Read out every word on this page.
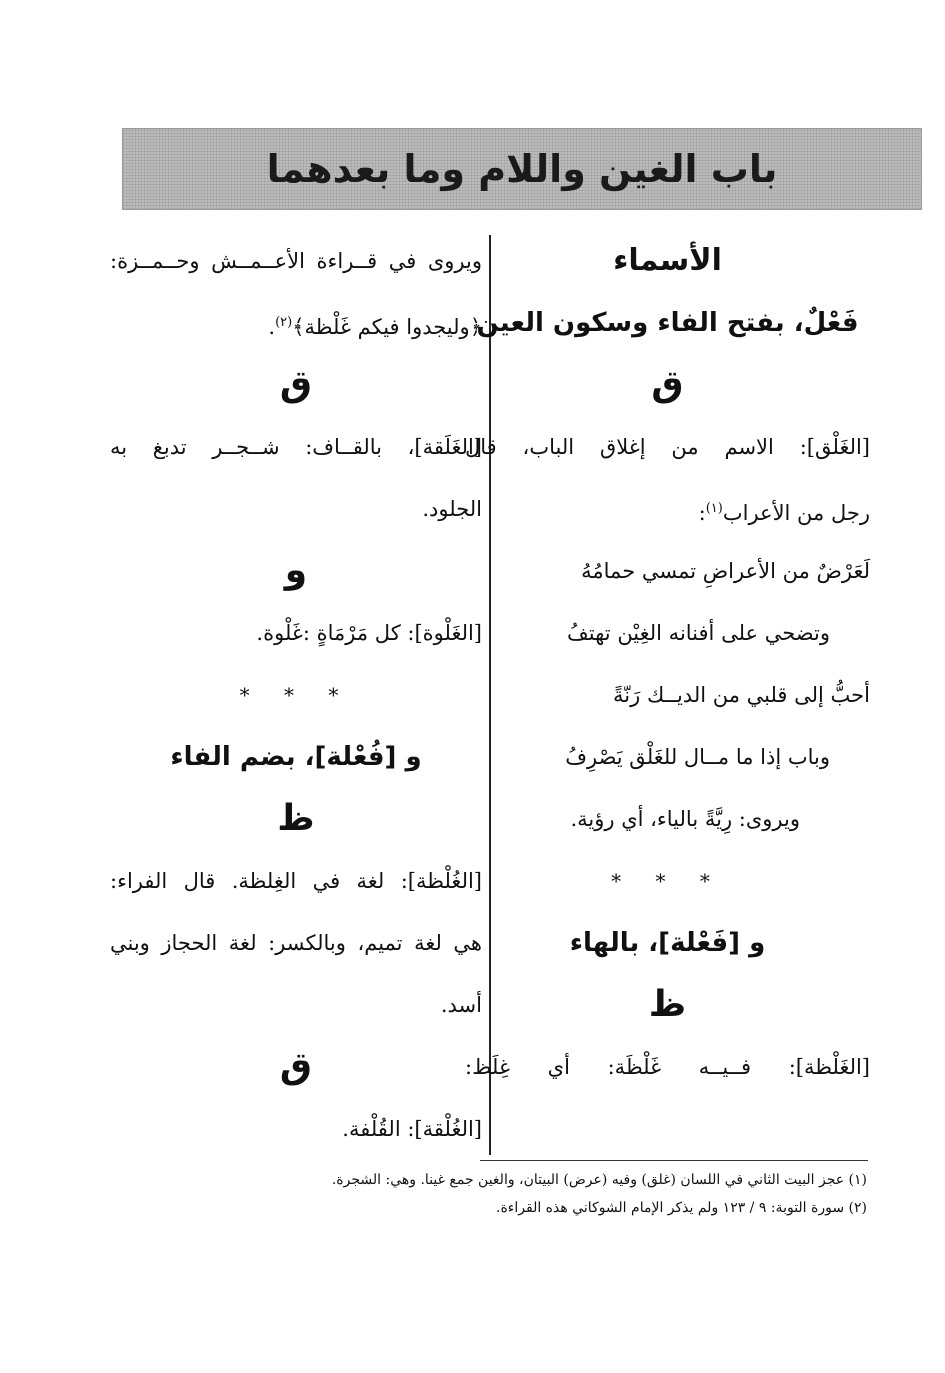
باب الغين واللام وما بعدهما
الأسماء
فَعْلٌ، بفتح الفاء وسكون العين
ق
[الغَلْق]: الاسم من إغلاق الباب، قال
رجل من الأعراب$^{(١)}$:
لَعَرْضٌ من الأعراضِ تمسي حمامُهُ
وتضحي على أفنانه الغِيْن تهتفُ
أحبُّ إلى قلبي من الديــك رَنّةً
وباب إذا ما مــال للغَلْق يَصْرِفُ
ويروى: رِيَّةً بالياء، أي رؤية.
* * *
و [فَعْلة]، بالهاء
ظ
[الغَلْظة]: فــيــه غَلْظَة: أي غِلَظ:
ويروى في قــراءة الأعــمــش وحــمــزة:
﴿وليجدوا فيكم غَلْظة﴾$^{(٢)}$.
ق
[الغَلَقة]، بالقــاف: شــجــر تدبغ به
الجلود.
و
[الغَلْوة]: كل مَرْمَاةٍ :غَلْوة.
* * *
و [فُعْلة]، بضم الفاء
ظ
[الغُلْظة]: لغة في الغِلظة. قال الفراء:
هي لغة تميم، وبالكسر: لغة الحجاز وبني
أسد.
ق
[الغُلْقة]: القُلْفة.
(١) عجز البيت الثاني في اللسان (غلق) وفيه (عرض) البيتان، والغين جمع غينا. وهي: الشجرة.
(٢) سورة التوبة: ٩ / ١٢٣ ولم يذكر الإمام الشوكاني هذه القراءة.
